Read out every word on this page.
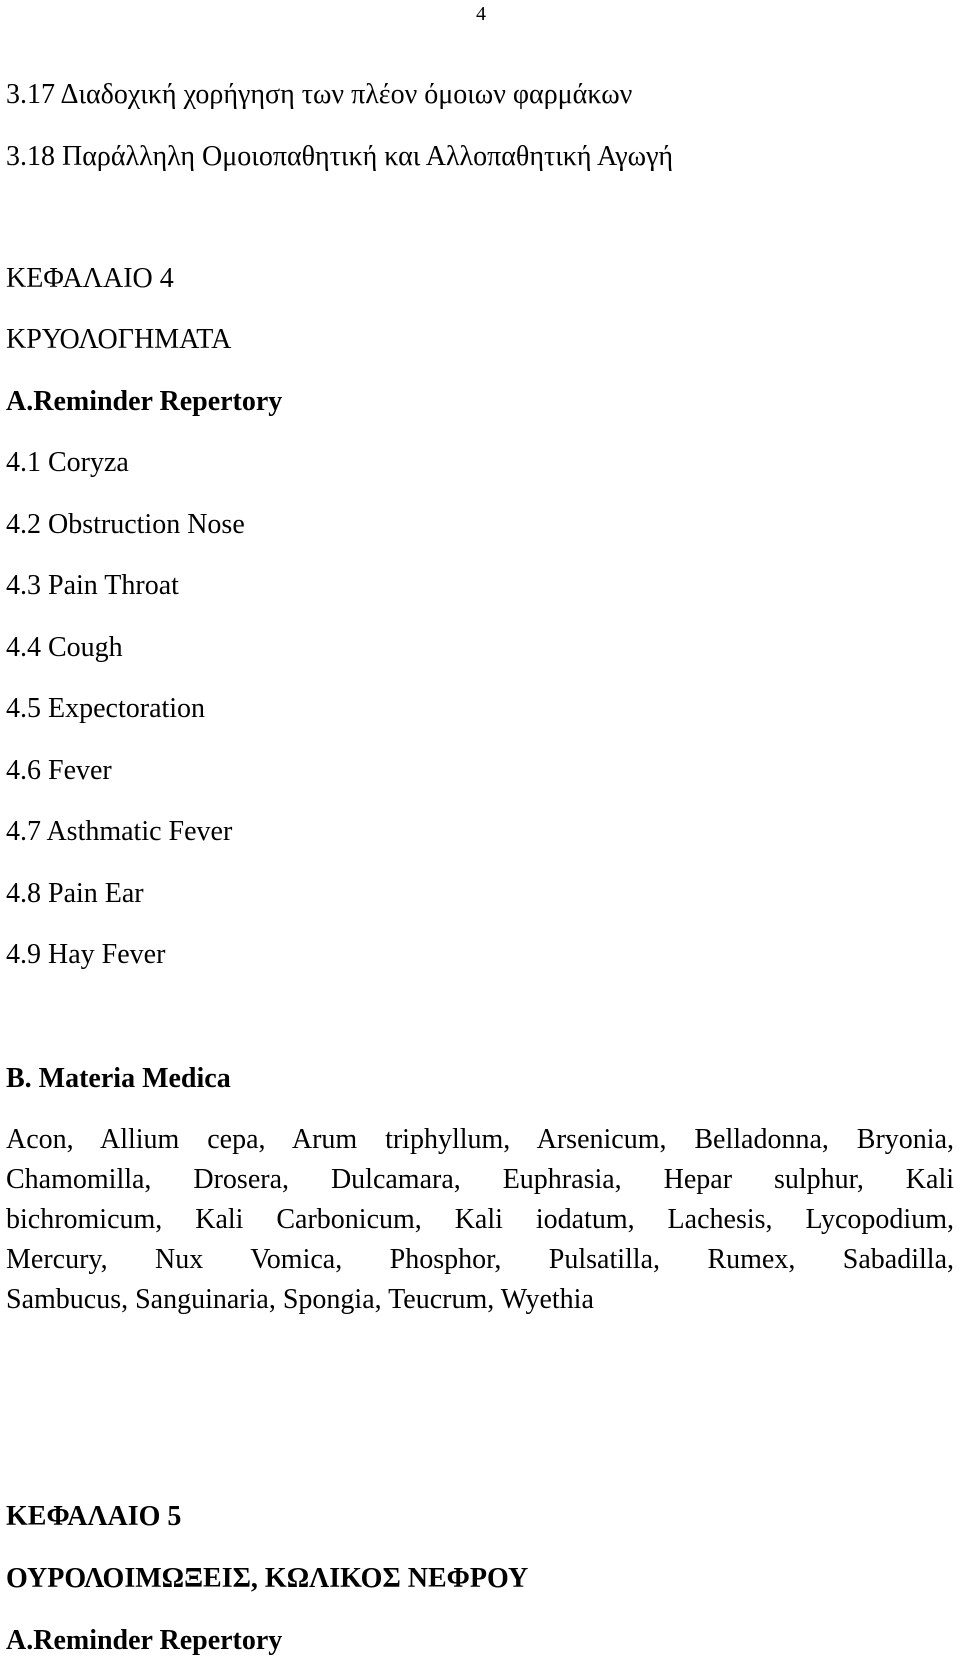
4
3.17 Διαδοχική χορήγηση των πλέον όμοιων φαρμάκων
3.18 Παράλληλη Ομοιοπαθητική και Αλλοπαθητική Αγωγή
ΚΕΦΑΛΑΙΟ 4
ΚΡΥΟΛΟΓΗΜΑΤΑ
A.Reminder Repertory
4.1 Coryza
4.2 Obstruction Nose
4.3 Pain Throat
4.4 Cough
4.5 Expectoration
4.6 Fever
4.7 Asthmatic Fever
4.8 Pain Ear
4.9 Hay Fever
B. Materia Medica
Acon, Allium cepa, Arum triphyllum, Arsenicum, Belladonna, Bryonia,
Chamomilla, Drosera, Dulcamara, Euphrasia, Hepar sulphur, Kali
bichromicum, Kali Carbonicum, Kali iodatum, Lachesis, Lycopodium,
Mercury, Nux Vomica, Phosphor, Pulsatilla, Rumex, Sabadilla,
Sambucus, Sanguinaria, Spongia, Teucrum, Wyethia
ΚΕΦΑΛΑΙΟ 5
ΟΥΡΟΛΟΙΜΩΞΕΙΣ, ΚΩΛΙΚΟΣ ΝΕΦΡΟΥ
A.Reminder Repertory
